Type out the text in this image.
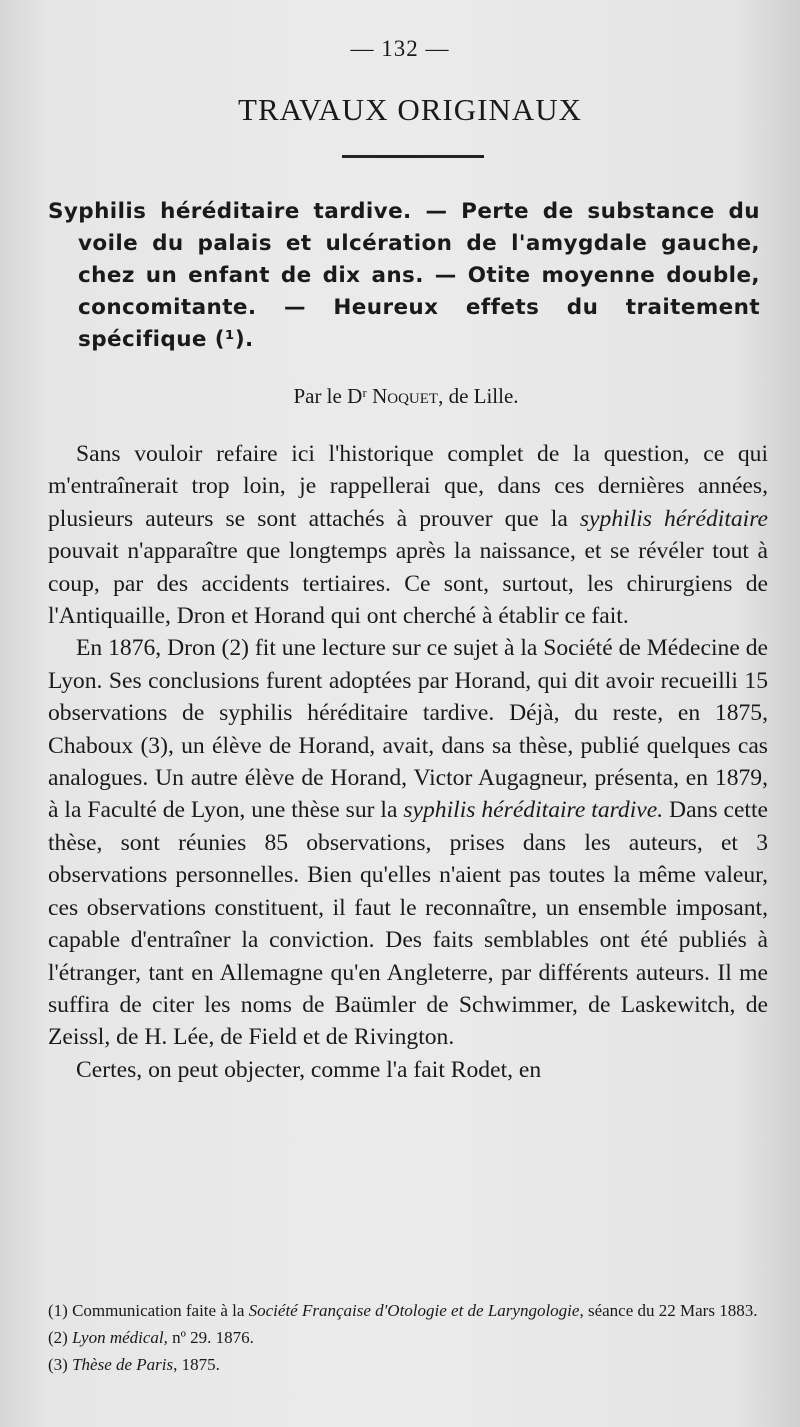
— 132 —
TRAVAUX ORIGINAUX
Syphilis héréditaire tardive. — Perte de substance du voile du palais et ulcération de l'amygdale gauche, chez un enfant de dix ans. — Otite moyenne double, concomitante. — Heureux effets du traitement spécifique (¹).
Par le Dʳ Noquet, de Lille.

Sans vouloir refaire ici l'historique complet de la question, ce qui m'entraînerait trop loin, je rappellerai que, dans ces dernières années, plusieurs auteurs se sont attachés à prouver que la syphilis héréditaire pouvait n'apparaître que longtemps après la naissance, et se révéler tout à coup, par des accidents tertiaires. Ce sont, surtout, les chirurgiens de l'Antiquaille, Dron et Horand qui ont cherché à établir ce fait.

En 1876, Dron (2) fit une lecture sur ce sujet à la Société de Médecine de Lyon. Ses conclusions furent adoptées par Horand, qui dit avoir recueilli 15 observations de syphilis héréditaire tardive. Déjà, du reste, en 1875, Chaboux (3), un élève de Horand, avait, dans sa thèse, publié quelques cas analogues. Un autre élève de Horand, Victor Augagneur, présenta, en 1879, à la Faculté de Lyon, une thèse sur la syphilis héréditaire tardive. Dans cette thèse, sont réunies 85 observations, prises dans les auteurs, et 3 observations personnelles. Bien qu'elles n'aient pas toutes la même valeur, ces observations constituent, il faut le reconnaître, un ensemble imposant, capable d'entraîner la conviction. Des faits semblables ont été publiés à l'étranger, tant en Allemagne qu'en Angleterre, par différents auteurs. Il me suffira de citer les noms de Baümler de Schwimmer, de Laskewitch, de Zeissl, de H. Lée, de Field et de Rivington.

Certes, on peut objecter, comme l'a fait Rodet, en

(1) Communication faite à la Société Française d'Otologie et de Laryngologie, séance du 22 Mars 1883.

(2) Lyon médical, nº 29. 1876.

(3) Thèse de Paris, 1875.
